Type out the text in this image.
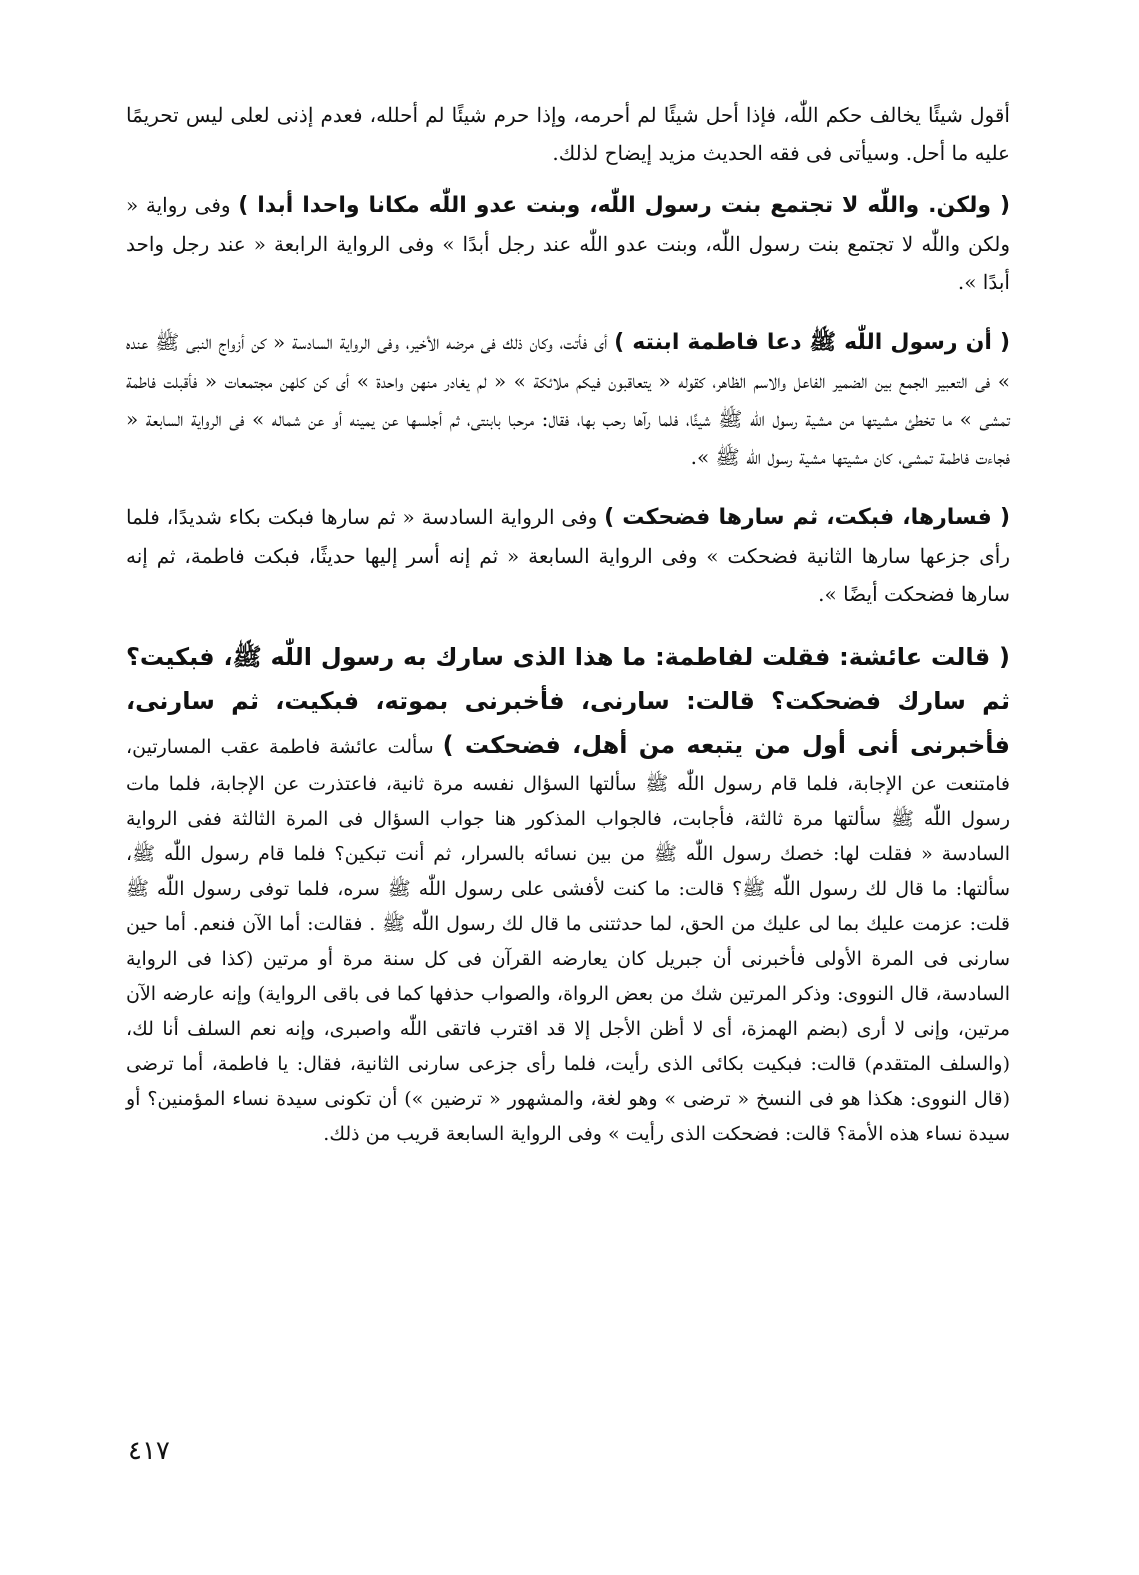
أقول شيئًا يخالف حكم اللّٰه، فإذا أحل شيئًا لم أحرمه، وإذا حرم شيئًا لم أحلله، فعدم إذنى لعلى ليس تحريمًا عليه ما أحل. وسيأتى فى فقه الحديث مزيد إيضاح لذلك.

( ولكن. واللّٰه لا تجتمع بنت رسول اللّٰه، وبنت عدو اللّٰه مكانا واحدا أبدا ) وفى رواية « ولكن واللّٰه لا تجتمع بنت رسول اللّٰه، وبنت عدو اللّٰه عند رجل أبدًا » وفى الرواية الرابعة « عند رجل واحد أبدًا ».

( أن رسول اللّٰه ﷺ دعا فاطمة ابنته ) أى فأتت، وكان ذلك فى مرضه الأخير، وفى الرواية السادسة « كن أزواج النبى ﷺ عنده » فى التعبير الجمع بين الضمير الفاعل والاسم الظاهر، كقوله « يتعاقبون فيكم ملائكة » « لم يغادر منهن واحدة » أى كن كلهن مجتمعات « فأقبلت فاطمة تمشى » ما تخطئ مشيتها من مشية رسول اللّٰه ﷺ شيئًا، فلما رآها رحب بها، فقال: مرحبا بابنتى، ثم أجلسها عن يمينه أو عن شماله » فى الرواية السابعة « فجاءت فاطمة تمشى، كان مشيتها مشية رسول اللّٰه ﷺ ».

( فسارها، فبكت، ثم سارها فضحكت ) وفى الرواية السادسة « ثم سارها فبكت بكاء شديدًا، فلما رأى جزعها سارها الثانية فضحكت » وفى الرواية السابعة « ثم إنه أسر إليها حديثًا، فبكت فاطمة، ثم إنه سارها فضحكت أيضًا ».

( قالت عائشة: فقلت لفاطمة: ما هذا الذى سارك به رسول اللّٰه ﷺ، فبكيت؟ ثم سارك فضحكت؟ قالت: سارنى، فأخبرنى بموته، فبكيت، ثم سارنى، فأخبرنى أنى أول من يتبعه من أهل، فضحكت ) سألت عائشة فاطمة عقب المسارتين، فامتنعت عن الإجابة، فلما قام رسول اللّٰه ﷺ سألتها السؤال نفسه مرة ثانية، فاعتذرت عن الإجابة، فلما مات رسول اللّٰه ﷺ سألتها مرة ثالثة، فأجابت، فالجواب المذكور هنا جواب السؤال فى المرة الثالثة ففى الرواية السادسة « فقلت لها: خصك رسول اللّٰه ﷺ من بين نسائه بالسرار، ثم أنت تبكين؟ فلما قام رسول اللّٰه ﷺ، سألتها: ما قال لك رسول اللّٰه ﷺ؟ قالت: ما كنت لأفشى على رسول اللّٰه ﷺ سره، فلما توفى رسول اللّٰه ﷺ قلت: عزمت عليك بما لى عليك من الحق، لما حدثتنى ما قال لك رسول اللّٰه ﷺ . فقالت: أما الآن فنعم. أما حين سارنى فى المرة الأولى فأخبرنى أن جبريل كان يعارضه القرآن فى كل سنة مرة أو مرتين (كذا فى الرواية السادسة، قال النووى: وذكر المرتين شك من بعض الرواة، والصواب حذفها كما فى باقى الرواية) وإنه عارضه الآن مرتين، وإنى لا أرى (بضم الهمزة، أى لا أظن الأجل إلا قد اقترب فاتقى اللّٰه واصبرى، وإنه نعم السلف أنا لك، (والسلف المتقدم) قالت: فبكيت بكائى الذى رأيت، فلما رأى جزعى سارنى الثانية، فقال: يا فاطمة، أما ترضى (قال النووى: هكذا هو فى النسخ « ترضى » وهو لغة، والمشهور « ترضين ») أن تكونى سيدة نساء المؤمنين؟ أو سيدة نساء هذه الأمة؟ قالت: فضحكت الذى رأيت » وفى الرواية السابعة قريب من ذلك.

٤١٧
